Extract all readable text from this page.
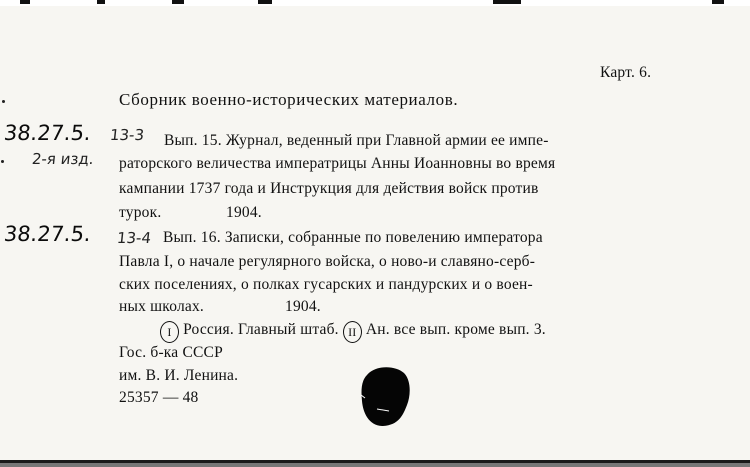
Карт. 6.
Сборник военно-исторических материалов.
38.27.5. 13-3
2-я изд.
38.27.5. 13-4
Вып. 15. Журнал, веденный при Главной армии ее импе-
раторского величества императрицы Анны Иоанновны во время
кампании 1737 года и Инструкция для действия войск против
турок.	1904.
Вып. 16. Записки, собранные по повелению императора
Павла I, о начале регулярного войска, о ново-и славяно-серб-
ских поселениях, о полках гусарских и пандурских и о воен-
ных школах.	1904.
I Россия. Главный штаб. II Ан. все вып. кроме вып. 3.
Гос. б-ка СССР
им. В. И. Ленина.
25357 — 48
